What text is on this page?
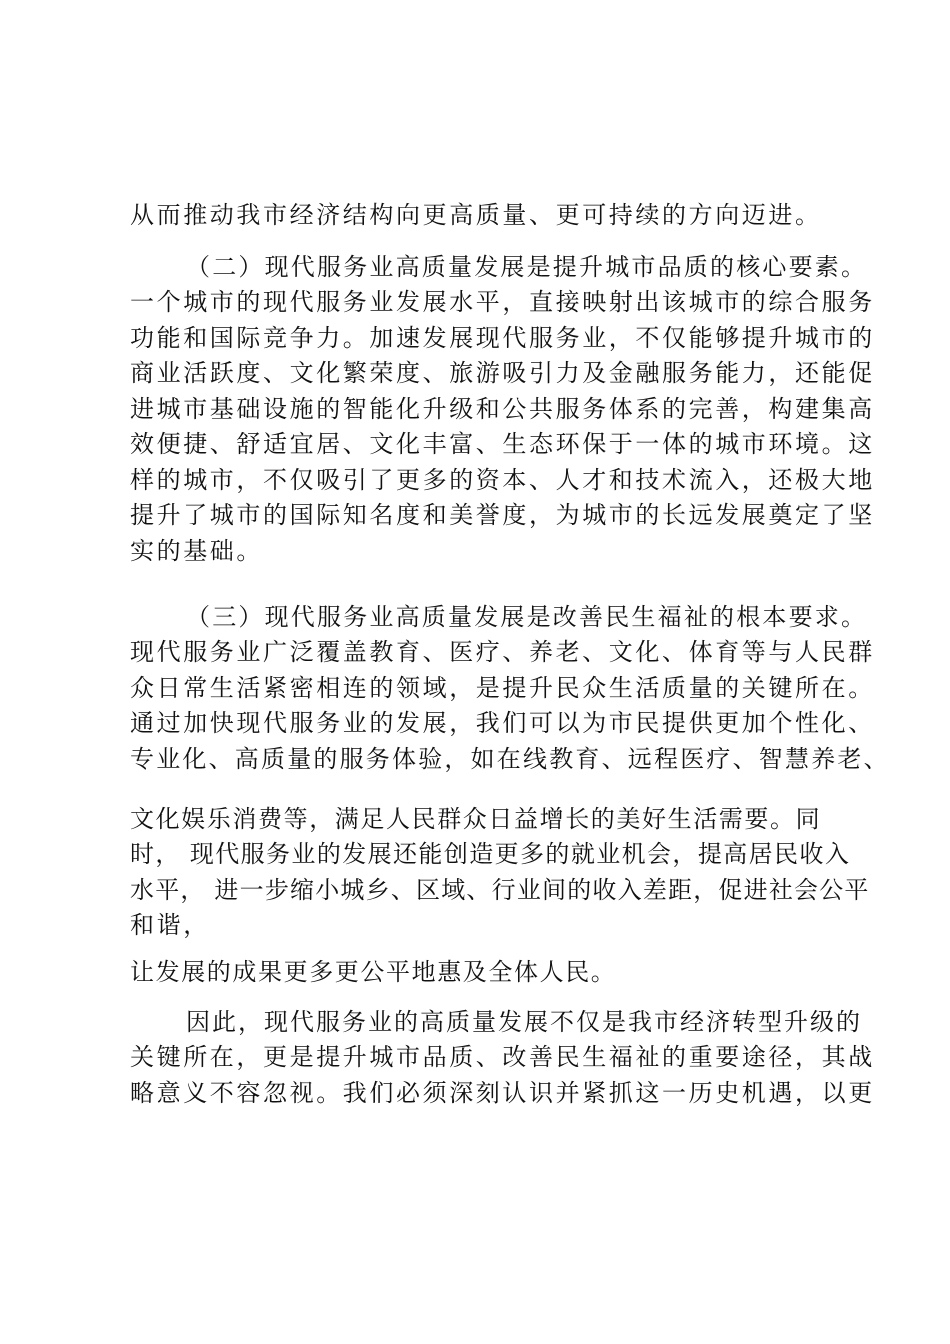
从而推动我市经济结构向更高质量、更可持续的方向迈进。
（二）现代服务业高质量发展是提升城市品质的核心要素。
一个城市的现代服务业发展水平，直接映射出该城市的综合服务
功能和国际竞争力。加速发展现代服务业，不仅能够提升城市的
商业活跃度、文化繁荣度、旅游吸引力及金融服务能力，还能促
进城市基础设施的智能化升级和公共服务体系的完善，构建集高
效便捷、舒适宜居、文化丰富、生态环保于一体的城市环境。这
样的城市，不仅吸引了更多的资本、人才和技术流入，还极大地
提升了城市的国际知名度和美誉度，为城市的长远发展奠定了坚
实的基础。
（三）现代服务业高质量发展是改善民生福祉的根本要求。
现代服务业广泛覆盖教育、医疗、养老、文化、体育等与人民群
众日常生活紧密相连的领域，是提升民众生活质量的关键所在。
通过加快现代服务业的发展，我们可以为市民提供更加个性化、
专业化、高质量的服务体验，如在线教育、远程医疗、智慧养老、
文化娱乐消费等，满足人民群众日益增长的美好生活需要。同
时， 现代服务业的发展还能创造更多的就业机会，提高居民收入
水平， 进一步缩小城乡、区域、行业间的收入差距，促进社会公平
和谐，
让发展的成果更多更公平地惠及全体人民。
因此，现代服务业的高质量发展不仅是我市经济转型升级的
关键所在，更是提升城市品质、改善民生福祉的重要途径，其战
略意义不容忽视。我们必须深刻认识并紧抓这一历史机遇，以更
